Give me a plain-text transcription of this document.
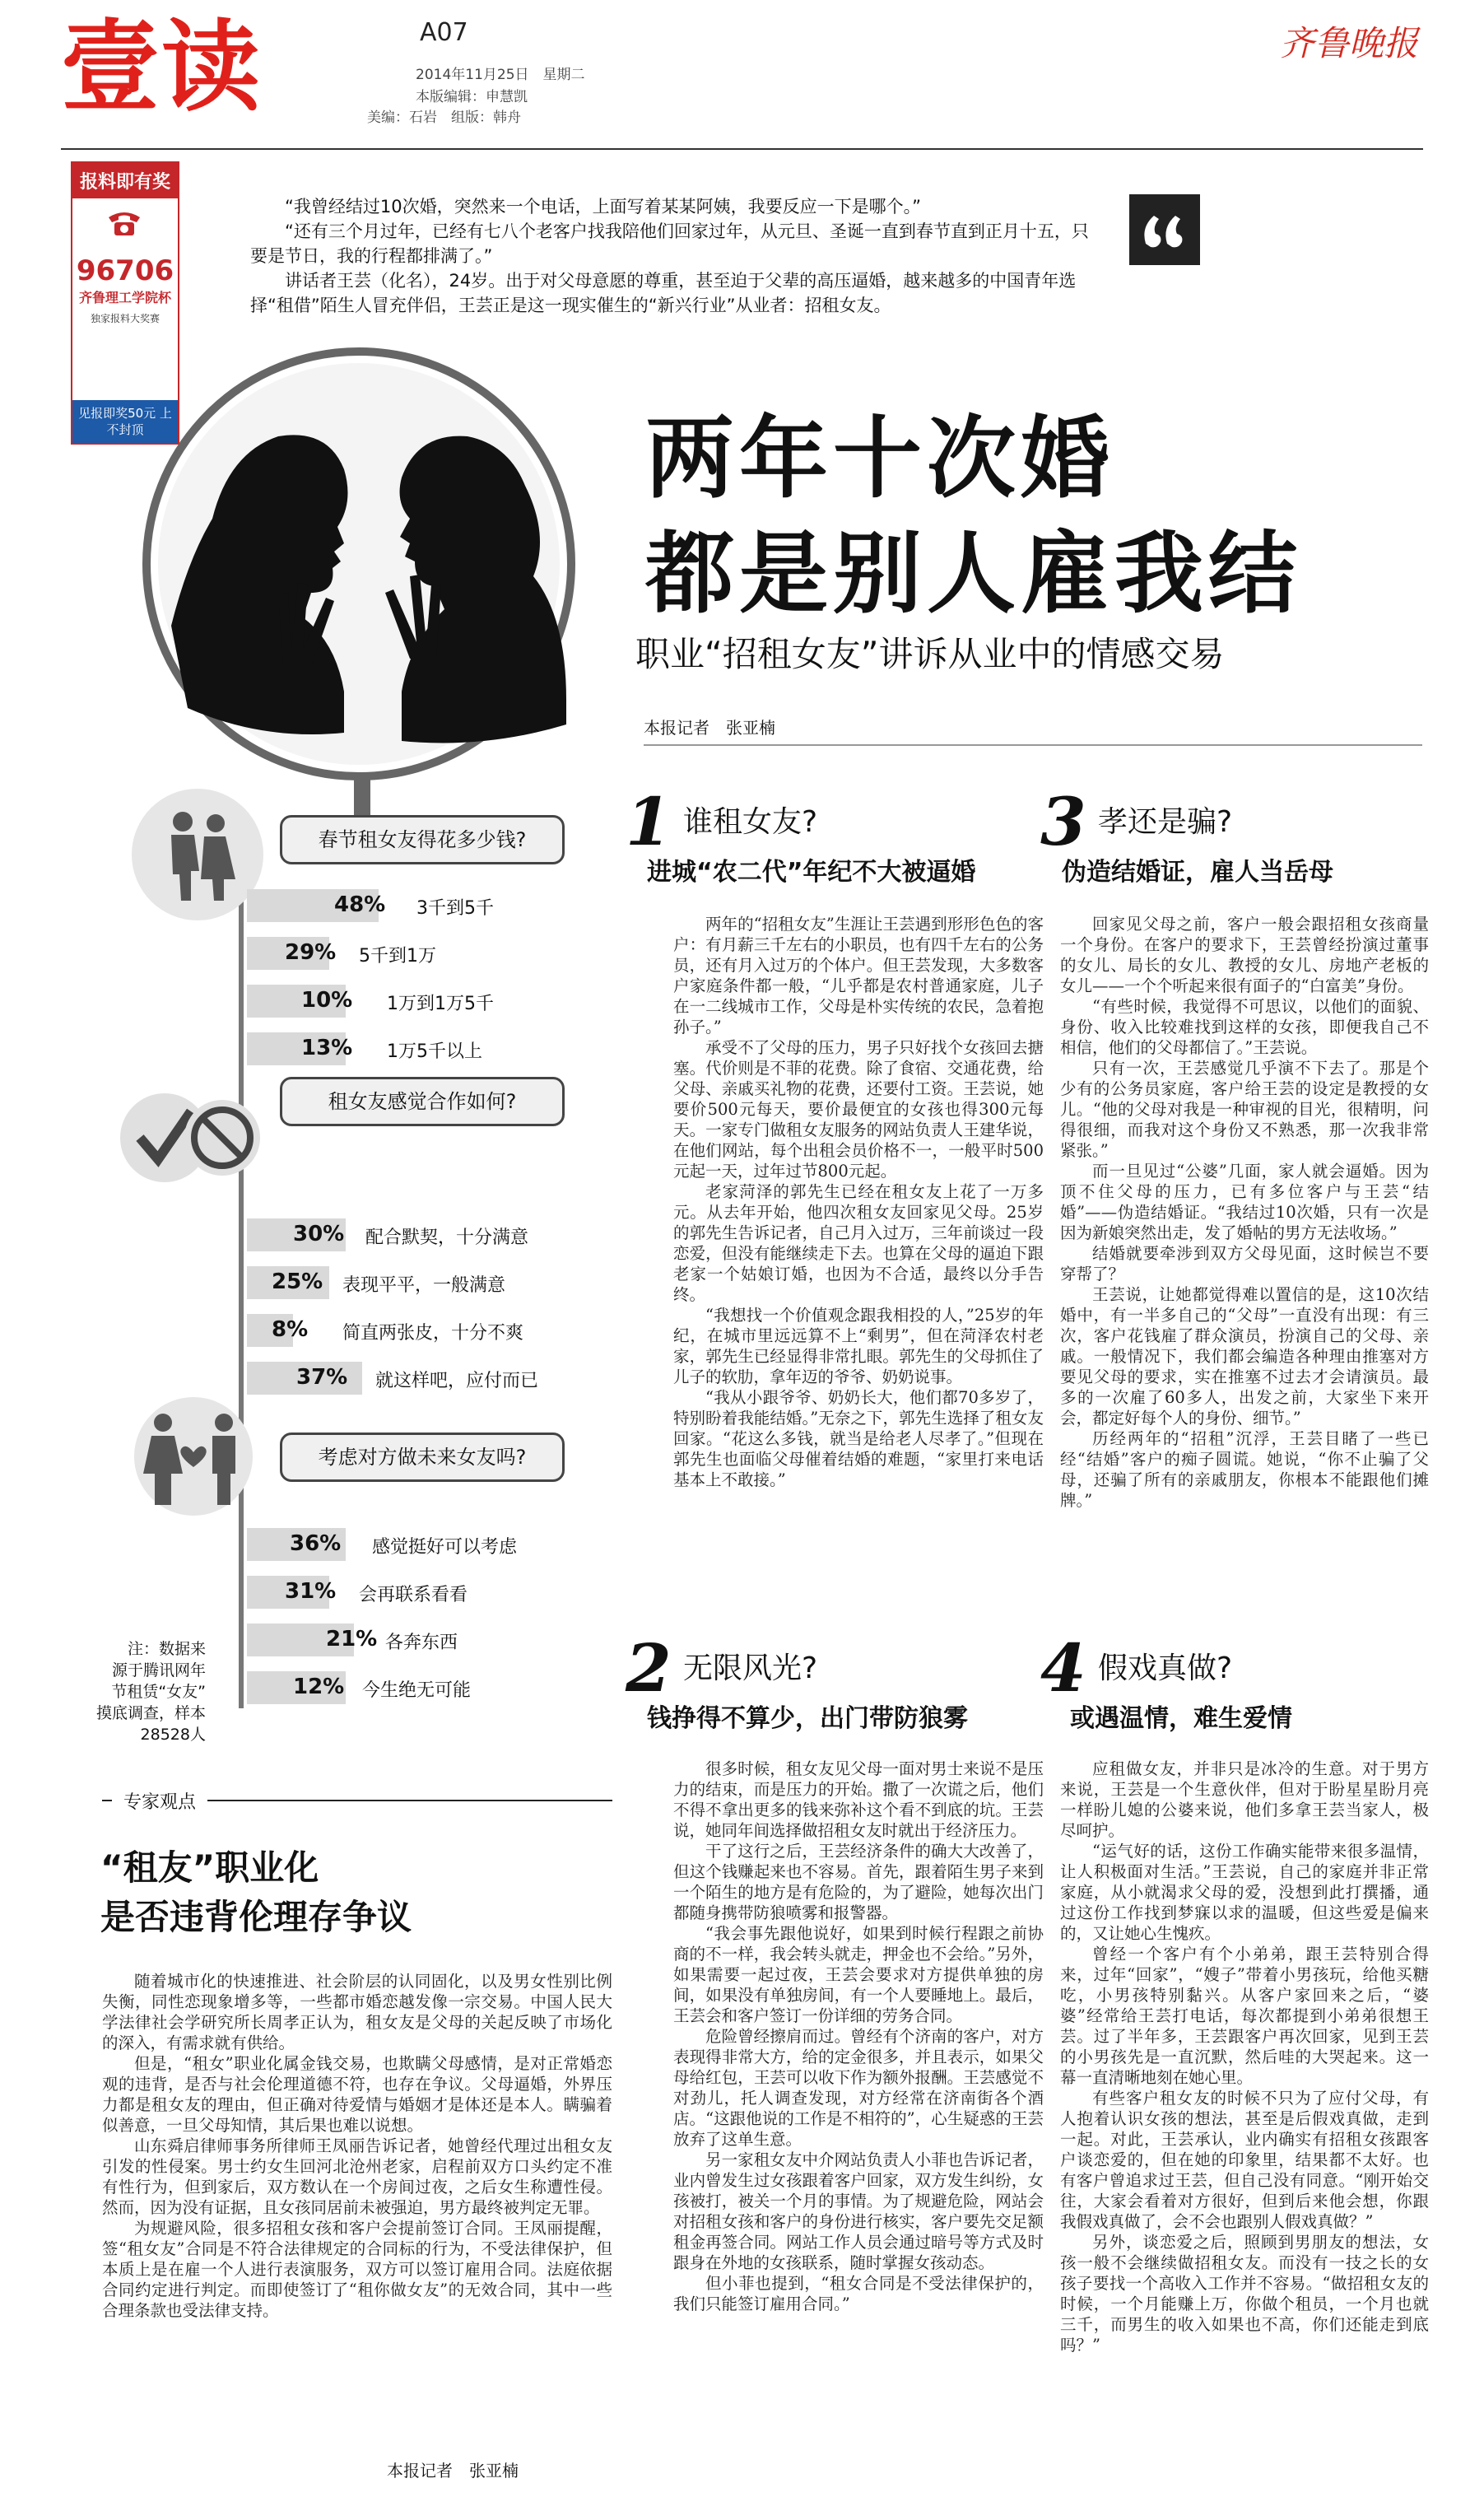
壹读	A07
2014年11月25日　星期二
本版编辑：申慧凯
美编：石岩　组版：韩舟
齐鲁晚报
报料即有奖
96706
齐鲁理工学院杯
独家报料大奖赛
见报即奖50元 上不封顶

“我曾经结过10次婚，突然来一个电话，上面写着某某阿姨，我要反应一下是哪个。”

“还有三个月过年，已经有七八个老客户找我陪他们回家过年，从元旦、圣诞一直到春节直到正月十五，只要是节日，我的行程都排满了。”

讲话者王芸（化名），24岁。出于对父母意愿的尊重，甚至迫于父辈的高压逼婚，越来越多的中国青年选择“租借”陌生人冒充伴侣，王芸正是这一现实催生的“新兴行业”从业者：招租女友。

两年十次婚
都是别人雇我结
职业“招租女友”讲诉从业中的情感交易
本报记者　张亚楠
春节租女友得花多少钱?
48% 3千到5千
29% 5千到1万
10% 1万到1万5千
13% 1万5千以上
租女友感觉合作如何?
30% 配合默契，十分满意
25% 表现平平，一般满意
8% 简直两张皮，十分不爽
37% 就这样吧，应付而已
考虑对方做未来女友吗?
36% 感觉挺好可以考虑
31% 会再联系看看
21% 各奔东西
12% 今生绝无可能
注：数据来
源于腾讯网年
节租赁“女友”
摸底调查，样本
28528人
1 谁租女友?
进城“农二代”年纪不大被逼婚

两年的“招租女友”生涯让王芸遇到形形色色的客户：有月薪三千左右的小职员，也有四千左右的公务员，还有月入过万的个体户。但王芸发现，大多数客户家庭条件都一般，“儿乎都是农村普通家庭，儿子在一二线城市工作，父母是朴实传统的农民，急着抱孙子。”

承受不了父母的压力，男子只好找个女孩回去搪塞。代价则是不菲的花费。除了食宿、交通花费，给父母、亲戚买礼物的花费，还要付工资。王芸说，她要价500元每天，要价最便宜的女孩也得300元每天。一家专门做租女友服务的网站负责人王建华说，在他们网站，每个出租会员价格不一，一般平时500元起一天，过年过节800元起。

老家菏泽的郭先生已经在租女友上花了一万多元。从去年开始，他四次租女友回家见父母。25岁的郭先生告诉记者，自己月入过万，三年前谈过一段恋爱，但没有能继续走下去。也算在父母的逼迫下跟老家一个姑娘订婚，也因为不合适，最终以分手告终。

“我想找一个价值观念跟我相投的人，”25岁的年纪，在城市里远远算不上“剩男”，但在菏泽农村老家，郭先生已经显得非常扎眼。郭先生的父母抓住了儿子的软肋，拿年迈的爷爷、奶奶说事。

“我从小跟爷爷、奶奶长大，他们都70多岁了，特别盼着我能结婚。”无奈之下，郭先生选择了租女友回家。“花这么多钱，就当是给老人尽孝了。”但现在郭先生也面临父母催着结婚的难题，“家里打来电话基本上不敢接。”

3 孝还是骗?
伪造结婚证，雇人当岳母

回家见父母之前，客户一般会跟招租女孩商量一个身份。在客户的要求下，王芸曾经扮演过董事的女儿、局长的女儿、教授的女儿、房地产老板的女儿——一个个听起来很有面子的“白富美”身份。

“有些时候，我觉得不可思议，以他们的面貌、身份、收入比较难找到这样的女孩，即便我自己不相信，他们的父母都信了。”王芸说。

只有一次，王芸感觉几乎演不下去了。那是个少有的公务员家庭，客户给王芸的设定是教授的女儿。“他的父母对我是一种审视的目光，很精明，问得很细，而我对这个身份又不熟悉，那一次我非常紧张。”

而一旦见过“公婆”几面，家人就会逼婚。因为顶不住父母的压力，已有多位客户与王芸“结婚”——伪造结婚证。“我结过10次婚，只有一次是因为新娘突然出走，发了婚帖的男方无法收场。”

结婚就要牵涉到双方父母见面，这时候岂不要穿帮了？

王芸说，让她都觉得难以置信的是，这10次结婚中，有一半多自己的“父母”一直没有出现：有三次，客户花钱雇了群众演员，扮演自己的父母、亲戚。一般情况下，我们都会编造各种理由推塞对方要见父母的要求，实在推塞不过去才会请演员。最多的一次雇了60多人，出发之前，大家坐下来开会，都定好每个人的身份、细节。”

历经两年的“招租”沉浮，王芸目睹了一些已经“结婚”客户的痴子圆谎。她说，“你不止骗了父母，还骗了所有的亲戚朋友，你根本不能跟他们摊牌。”

2 无限风光?
钱挣得不算少，出门带防狼雾

很多时候，租女友见父母一面对男士来说不是压力的结束，而是压力的开始。撒了一次谎之后，他们不得不拿出更多的钱来弥补这个看不到底的坑。王芸说，她同年间选择做招租女友时就出于经济压力。

干了这行之后，王芸经济条件的确大大改善了，但这个钱赚起来也不容易。首先，跟着陌生男子来到一个陌生的地方是有危险的，为了避险，她每次出门都随身携带防狼喷雾和报警器。

“我会事先跟他说好，如果到时候行程跟之前协商的不一样，我会转头就走，押金也不会给。”另外，如果需要一起过夜，王芸会要求对方提供单独的房间，如果没有单独房间，有一个人要睡地上。最后，王芸会和客户签订一份详细的劳务合同。

危险曾经擦肩而过。曾经有个济南的客户，对方表现得非常大方，给的定金很多，并且表示，如果父母给红包，王芸可以收下作为额外报酬。王芸感觉不对劲儿，托人调查发现，对方经常在济南街各个酒店。“这跟他说的工作是不相符的”，心生疑惑的王芸放弃了这单生意。

另一家租女友中介网站负责人小菲也告诉记者，业内曾发生过女孩跟着客户回家，双方发生纠纷，女孩被打，被关一个月的事情。为了规避危险，网站会对招租女孩和客户的身份进行核实，客户要先交足额租金再签合同。网站工作人员会通过暗号等方式及时跟身在外地的女孩联系，随时掌握女孩动态。

但小菲也提到，“租女合同是不受法律保护的，我们只能签订雇用合同。”

4 假戏真做?
或遇温情，难生爱情

应租做女友，并非只是冰冷的生意。对于男方来说，王芸是一个生意伙伴，但对于盼星星盼月亮一样盼儿媳的公婆来说，他们多拿王芸当家人，极尽呵护。

“运气好的话，这份工作确实能带来很多温情，让人积极面对生活。”王芸说，自己的家庭并非正常家庭，从小就渴求父母的爱，没想到此打撰播，通过这份工作找到梦寐以求的温暖，但这些爱是偏来的，又让她心生愧疚。

曾经一个客户有个小弟弟，跟王芸特别合得来，过年“回家”，“嫂子”带着小男孩玩，给他买糖吃，小男孩特别黏兴。从客户家回来之后，“婆婆”经常给王芸打电话，每次都提到小弟弟很想王芸。过了半年多，王芸跟客户再次回家，见到王芸的小男孩先是一直沉默，然后哇的大哭起来。这一幕一直清晰地刻在她心里。

有些客户租女友的时候不只为了应付父母，有人抱着认识女孩的想法，甚至是后假戏真做，走到一起。对此，王芸承认，业内确实有招租女孩跟客户谈恋爱的，但在她的印象里，结果都不太好。也有客户曾追求过王芸，但自己没有同意。“刚开始交往，大家会看着对方很好，但到后来他会想，你跟我假戏真做了，会不会也跟别人假戏真做？”

另外，谈恋爱之后，照顾到男朋友的想法，女孩一般不会继续做招租女友。而没有一技之长的女孩子要找一个高收入工作并不容易。“做招租女友的时候，一个月能赚上万，你做个租员，一个月也就三千，而男生的收入如果也不高，你们还能走到底吗？”

专家观点
“租友”职业化
是否违背伦理存争议

随着城市化的快速推进、社会阶层的认同固化，以及男女性别比例失衡，同性恋现象增多等，一些都市婚恋越发像一宗交易。中国人民大学法律社会学研究所长周孝正认为，租女友是父母的关起反映了市场化的深入，有需求就有供给。

但是，“租女”职业化属金钱交易，也欺瞒父母感情，是对正常婚恋观的违背，是否与社会伦理道德不符，也存在争议。父母逼婚，外界压力都是租女友的理由，但正确对待爱情与婚姻才是体还是本人。瞒骗着似善意，一旦父母知情，其后果也难以说想。

山东舜启律师事务所律师王凤丽告诉记者，她曾经代理过出租女友引发的性侵案。男士约女生回河北沧州老家，启程前双方口头约定不准有性行为，但到家后，双方数认在一个房间过夜，之后女生称遭性侵。然而，因为没有证据，且女孩同居前未被强迫，男方最终被判定无罪。

为规避风险，很多招租女孩和客户会提前签订合同。王凤丽提醒，签“租女友”合同是不符合法律规定的合同标的行为，不受法律保护，但本质上是在雇一个人进行表演服务，双方可以签订雇用合同。法庭依据合同约定进行判定。而即使签订了“租你做女友”的无效合同，其中一些合理条款也受法律支持。

本报记者　张亚楠
